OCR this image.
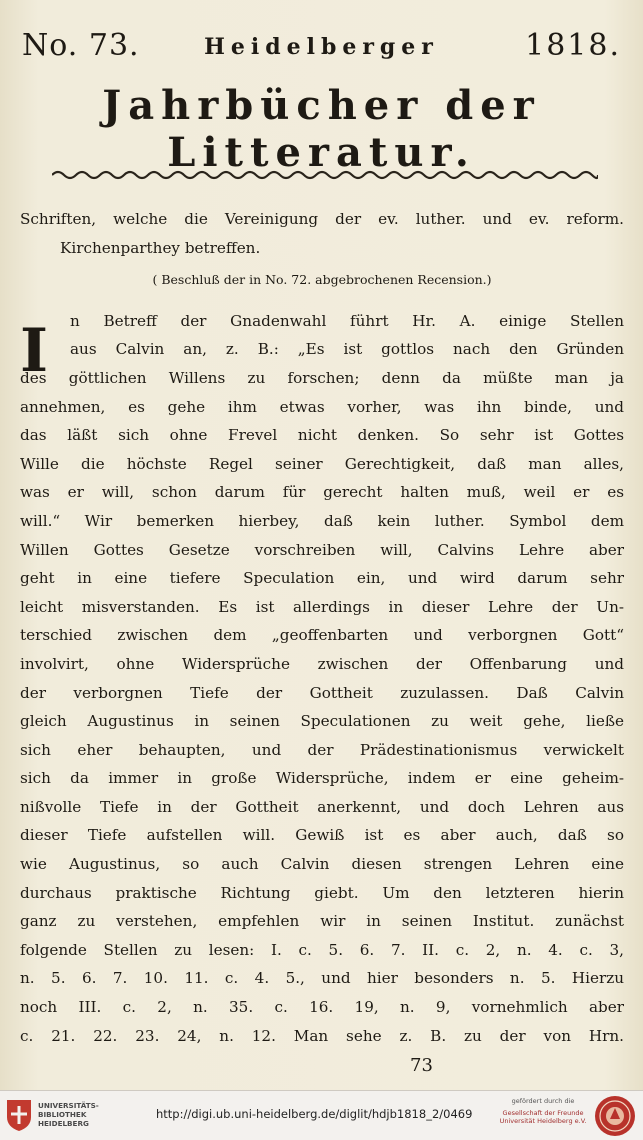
No. 73.	Heidelberger	1818.
Jahrbücher der Litteratur.
Schriften, welche die Vereinigung der ev. luther. und ev. reform.
Kirchenparthey betreffen.
( Beschluß der in No. 72. abgebrochenen Recension.)
I	n Betreff der Gnadenwahl führt Hr. A. einige Stellen
aus Calvin an, z. B.: „Es ist gottlos nach den Gründen
des göttlichen Willens zu forschen; denn da müßte man ja
annehmen, es gehe ihm etwas vorher, was ihn binde, und
das läßt sich ohne Frevel nicht denken. So sehr ist Gottes
Wille die höchste Regel seiner Gerechtigkeit, daß man alles,
was er will, schon darum für gerecht halten muß, weil er es
will.“ Wir bemerken hierbey, daß kein luther. Symbol dem
Willen Gottes Gesetze vorschreiben will, Calvins Lehre aber
geht in eine tiefere Speculation ein, und wird darum sehr
leicht misverstanden. Es ist allerdings in dieser Lehre der Un-
terschied zwischen dem „geoffenbarten und verborgnen Gott“
involvirt, ohne Widersprüche zwischen der Offenbarung und
der verborgnen Tiefe der Gottheit zuzulassen. Daß Calvin
gleich Augustinus in seinen Speculationen zu weit gehe, ließe
sich eher behaupten, und der Prädestinationismus verwickelt
sich da immer in große Widersprüche, indem er eine geheim-
nißvolle Tiefe in der Gottheit anerkennt, und doch Lehren aus
dieser Tiefe aufstellen will. Gewiß ist es aber auch, daß so
wie Augustinus, so auch Calvin diesen strengen Lehren eine
durchaus praktische Richtung giebt. Um den letzteren hierin
ganz zu verstehen, empfehlen wir in seinen Institut. zunächst
folgende Stellen zu lesen: I. c. 5. 6. 7. II. c. 2, n. 4. c. 3,
n. 5. 6. 7. 10. 11. c. 4. 5., und hier besonders n. 5. Hierzu
noch III. c. 2, n. 35. c. 16. 19, n. 9, vornehmlich aber
c. 21. 22. 23. 24, n. 12. Man sehe z. B. zu der von Hrn.
73
UNIVERSITÄTS-
BIBLIOTHEK
HEIDELBERG
http://digi.ub.uni-heidelberg.de/diglit/hdjb1818_2/0469
gefördert durch die
Gesellschaft der Freunde
Universität Heidelberg e.V.
